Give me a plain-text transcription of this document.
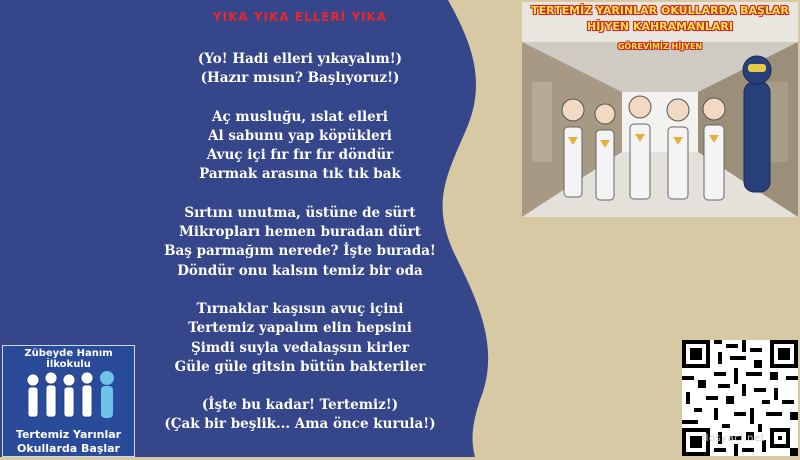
YIKA YIKA ELLERİ YIKA
(Yo! Hadi elleri yıkayalım!)
(Hazır mısın? Başlıyoruz!)
Aç musluğu, ıslat elleri
Al sabunu yap köpükleri
Avuç içi fır fır fır döndür
Parmak arasına tık tık bak
Sırtını unutma, üstüne de sürt
Mikropları hemen buradan dürt
Baş parmağım nerede? İşte burada!
Döndür onu kalsın temiz bir oda
Tırnaklar kaşısın avuç içini
Tertemiz yapalım elin hepsini
Şimdi suyla vedalaşsın kirler
Güle güle gitsin bütün bakteriler
(İşte bu kadar! Tertemiz!)
(Çak bir beşlik... Ama önce kurula!)
TERTEMİZ YARINLAR OKULLARDA BAŞLAR
HİJYEN KAHRAMANLARI
GÖREVİMİZ HİJYEN
Zübeyde Hanım İlkokulu
Tertemiz Yarınlar
Okullarda Başlar
dosyaci.net
